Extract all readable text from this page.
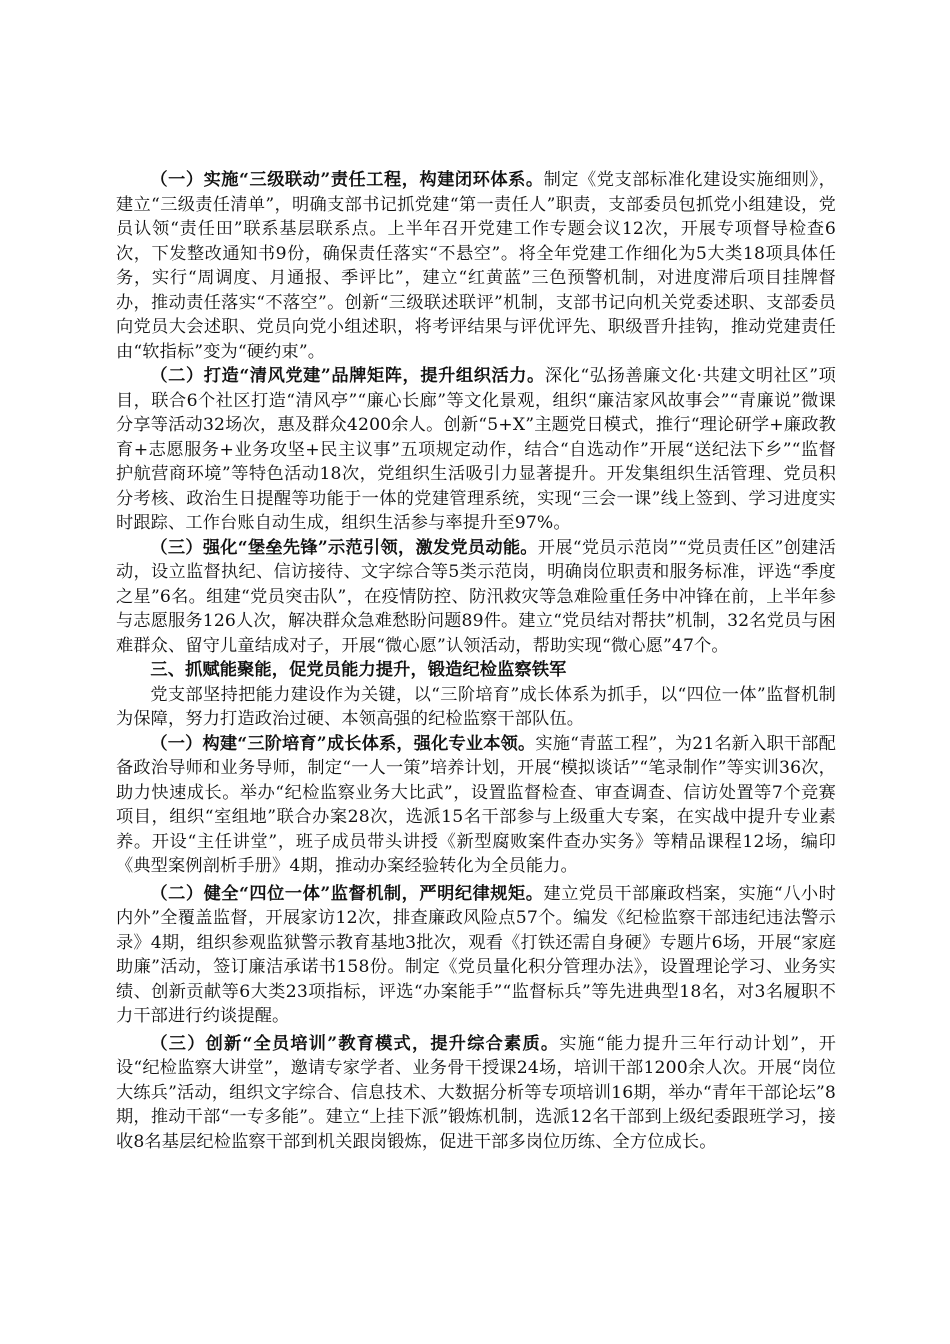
（一）实施“三级联动”责任工程，构建闭环体系。制定《党支部标准化建设实施细则》，建立“三级责任清单”，明确支部书记抓党建“第一责任人”职责，支部委员包抓党小组建设，党员认领“责任田”联系基层联系点。上半年召开党建工作专题会议12次，开展专项督导检查6次，下发整改通知书9份，确保责任落实“不悬空”。将全年党建工作细化为5大类18项具体任务，实行“周调度、月通报、季评比”，建立“红黄蓝”三色预警机制，对进度滞后项目挂牌督办，推动责任落实“不落空”。创新“三级联述联评”机制，支部书记向机关党委述职、支部委员向党员大会述职、党员向党小组述职，将考评结果与评优评先、职级晋升挂钩，推动党建责任由“软指标”变为“硬约束”。

（二）打造“清风党建”品牌矩阵，提升组织活力。深化“弘扬善廉文化·共建文明社区”项目，联合6个社区打造“清风亭”“廉心长廊”等文化景观，组织“廉洁家风故事会”“青廉说”微课分享等活动32场次，惠及群众4200余人。创新“5+X”主题党日模式，推行“理论研学+廉政教育+志愿服务+业务攻坚+民主议事”五项规定动作，结合“自选动作”开展“送纪法下乡”“监督护航营商环境”等特色活动18次，党组织生活吸引力显著提升。开发集组织生活管理、党员积分考核、政治生日提醒等功能于一体的党建管理系统，实现“三会一课”线上签到、学习进度实时跟踪、工作台账自动生成，组织生活参与率提升至97%。

（三）强化“堡垒先锋”示范引领，激发党员动能。开展“党员示范岗”“党员责任区”创建活动，设立监督执纪、信访接待、文字综合等5类示范岗，明确岗位职责和服务标准，评选“季度之星”6名。组建“党员突击队”，在疫情防控、防汛救灾等急难险重任务中冲锋在前，上半年参与志愿服务126人次，解决群众急难愁盼问题89件。建立“党员结对帮扶”机制，32名党员与困难群众、留守儿童结成对子，开展“微心愿”认领活动，帮助实现“微心愿”47个。

三、抓赋能聚能，促党员能力提升，锻造纪检监察铁军

党支部坚持把能力建设作为关键，以“三阶培育”成长体系为抓手，以“四位一体”监督机制为保障，努力打造政治过硬、本领高强的纪检监察干部队伍。

（一）构建“三阶培育”成长体系，强化专业本领。实施“青蓝工程”，为21名新入职干部配备政治导师和业务导师，制定“一人一策”培养计划，开展“模拟谈话”“笔录制作”等实训36次，助力快速成长。举办“纪检监察业务大比武”，设置监督检查、审查调查、信访处置等7个竞赛项目，组织“室组地”联合办案28次，选派15名干部参与上级重大专案，在实战中提升专业素养。开设“主任讲堂”，班子成员带头讲授《新型腐败案件查办实务》等精品课程12场，编印《典型案例剖析手册》4期，推动办案经验转化为全员能力。

（二）健全“四位一体”监督机制，严明纪律规矩。建立党员干部廉政档案，实施“八小时内外”全覆盖监督，开展家访12次，排查廉政风险点57个。编发《纪检监察干部违纪违法警示录》4期，组织参观监狱警示教育基地3批次，观看《打铁还需自身硬》专题片6场，开展“家庭助廉”活动，签订廉洁承诺书158份。制定《党员量化积分管理办法》，设置理论学习、业务实绩、创新贡献等6大类23项指标，评选“办案能手”“监督标兵”等先进典型18名，对3名履职不力干部进行约谈提醒。

（三）创新“全员培训”教育模式，提升综合素质。实施“能力提升三年行动计划”，开设“纪检监察大讲堂”，邀请专家学者、业务骨干授课24场，培训干部1200余人次。开展“岗位大练兵”活动，组织文字综合、信息技术、大数据分析等专项培训16期，举办“青年干部论坛”8期，推动干部“一专多能”。建立“上挂下派”锻炼机制，选派12名干部到上级纪委跟班学习，接收8名基层纪检监察干部到机关跟岗锻炼，促进干部多岗位历练、全方位成长。
